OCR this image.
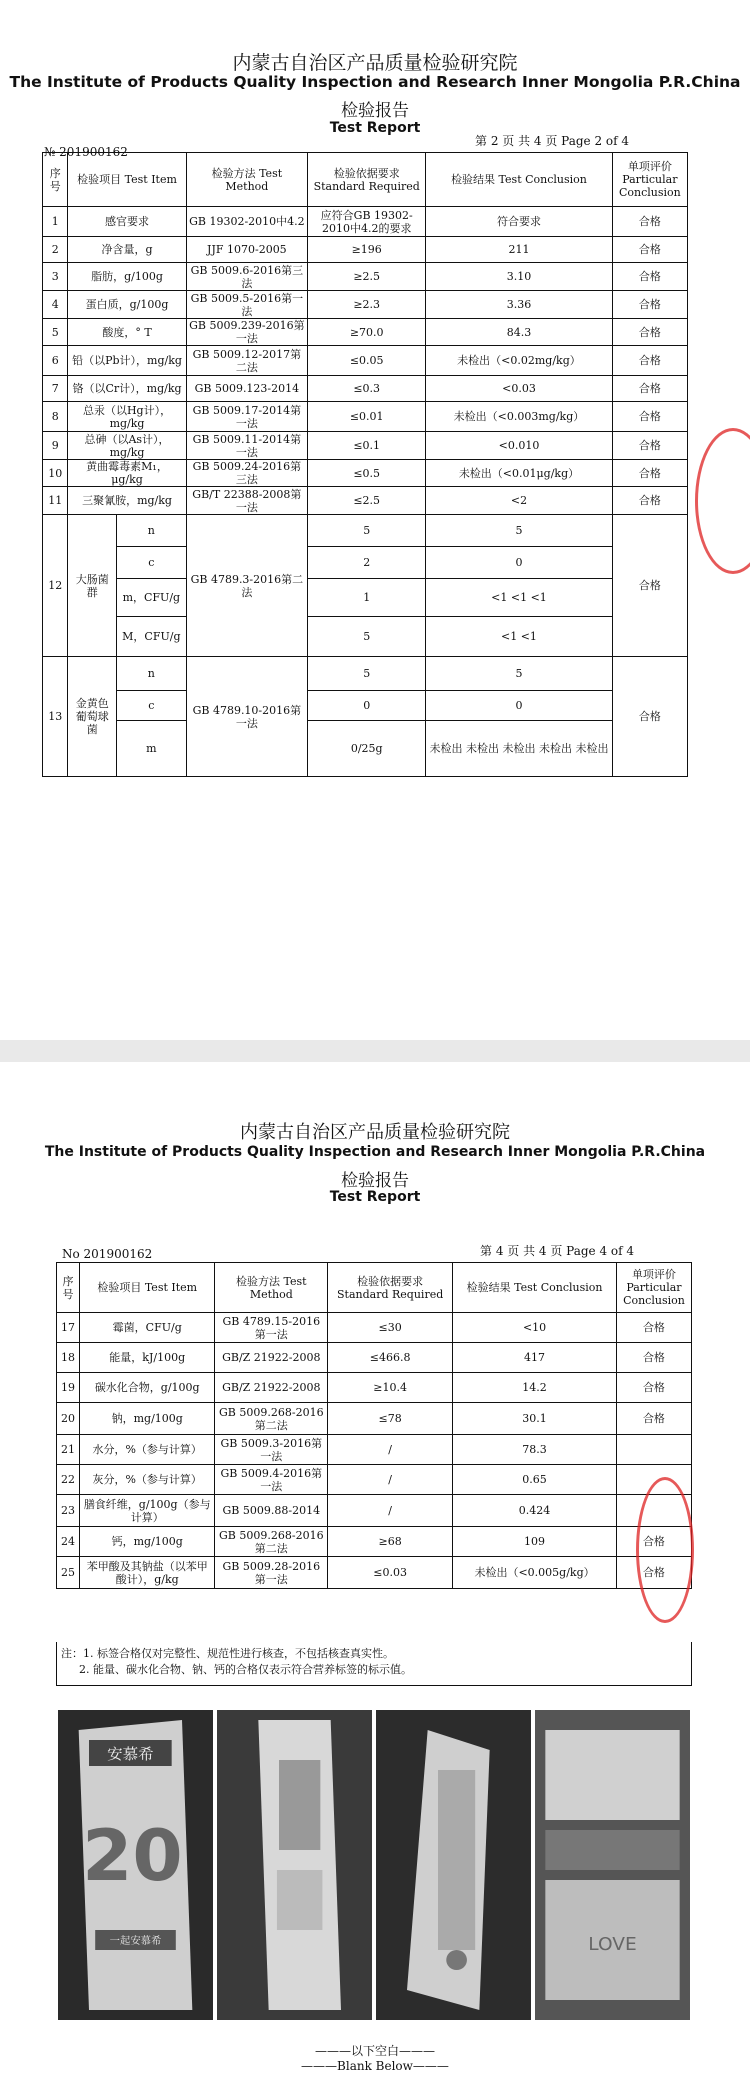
内蒙古自治区产品质量检验研究院
The Institute of Products Quality Inspection and Research Inner Mongolia P.R.China
检验报告
Test Report
№ 201900162
第 2 页 共 4 页 Page 2 of 4
序号	检验项目 Test Item		检验方法 Test Method	检验依据要求 Standard Required	检验结果 Test Conclusion	单项评价 Particular Conclusion
1	感官要求		GB 19302-2010中4.2	应符合GB 19302-2010中4.2的要求	符合要求	合格
2	净含量，g		JJF 1070-2005	≥196	211	合格
3	脂肪，g/100g		GB 5009.6-2016第三法	≥2.5	3.10	合格
4	蛋白质，g/100g		GB 5009.5-2016第一法	≥2.3	3.36	合格
5	酸度，° T		GB 5009.239-2016第一法	≥70.0	84.3	合格
6	铅（以Pb计），mg/kg		GB 5009.12-2017第二法	≤0.05	未检出（<0.02mg/kg）	合格
7	铬（以Cr计），mg/kg		GB 5009.123-2014	≤0.3	<0.03	合格
8	总汞（以Hg计），mg/kg		GB 5009.17-2014第一法	≤0.01	未检出（<0.003mg/kg）	合格
9	总砷（以As计），mg/kg		GB 5009.11-2014第一法	≤0.1	<0.010	合格
10	黄曲霉毒素M₁，μg/kg		GB 5009.24-2016第三法	≤0.5	未检出（<0.01μg/kg）	合格
11	三聚氰胺，mg/kg		GB/T 22388-2008第一法	≤2.5	<2	合格
12	大肠菌群	n	GB 4789.3-2016第二法	5	5	合格
		c		2	0	
		m，CFU/g		1	<1 <1 <1	
		M，CFU/g		5	<1 <1	
13	金黄色葡萄球菌	n	GB 4789.10-2016第一法	5	5	合格
		c		0	0	
		m		0/25g	未检出 未检出 未检出 未检出 未检出	
内蒙古自治区产品质量检验研究院
The Institute of Products Quality Inspection and Research Inner Mongolia P.R.China
检验报告
Test Report
No 201900162	第 4 页 共 4 页 Page 4 of 4
序号	检验项目 Test Item	检验方法 Test Method	检验依据要求 Standard Required	检验结果 Test Conclusion	单项评价 Particular Conclusion
17	霉菌，CFU/g	GB 4789.15-2016第一法	≤30	<10	合格
18	能量，kJ/100g	GB/Z 21922-2008	≤466.8	417	合格
19	碳水化合物，g/100g	GB/Z 21922-2008	≥10.4	14.2	合格
20	钠，mg/100g	GB 5009.268-2016第二法	≤78	30.1	合格
21	水分，%（参与计算）	GB 5009.3-2016第一法	/	78.3	
22	灰分，%（参与计算）	GB 5009.4-2016第一法	/	0.65	
23	膳食纤维，g/100g（参与计算）	GB 5009.88-2014	/	0.424	
24	钙，mg/100g	GB 5009.268-2016第二法	≥68	109	合格
25	苯甲酸及其钠盐（以苯甲酸计），g/kg	GB 5009.28-2016第一法	≤0.03	未检出（<0.005g/kg）	合格
注：1. 标签合格仅对完整性、规范性进行核查，不包括核查真实性。
2. 能量、碳水化合物、钠、钙的合格仅表示符合营养标签的标示值。
安慕希
20
一起安慕希	LOVE
———以下空白———
———Blank Below———
